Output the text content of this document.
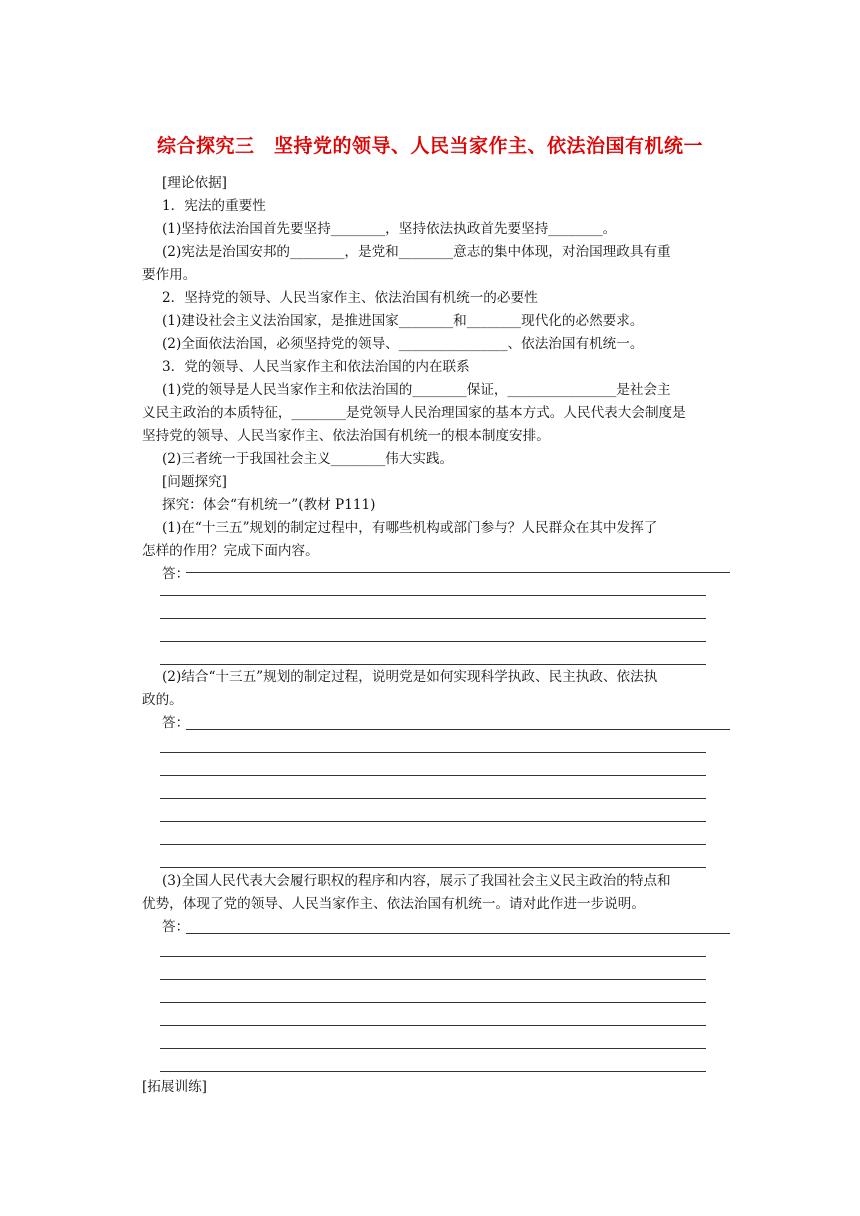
综合探究三　坚持党的领导、人民当家作主、依法治国有机统一
[理论依据]
1．宪法的重要性
(1)坚持依法治国首先要坚持________，坚持依法执政首先要坚持________。
(2)宪法是治国安邦的________，是党和________意志的集中体现，对治国理政具有重
要作用。
2．坚持党的领导、人民当家作主、依法治国有机统一的必要性
(1)建设社会主义法治国家，是推进国家________和________现代化的必然要求。
(2)全面依法治国，必须坚持党的领导、________________、依法治国有机统一。
3．党的领导、人民当家作主和依法治国的内在联系
(1)党的领导是人民当家作主和依法治国的________保证，________________是社会主
义民主政治的本质特征，________是党领导人民治理国家的基本方式。人民代表大会制度是
坚持党的领导、人民当家作主、依法治国有机统一的根本制度安排。
(2)三者统一于我国社会主义________伟大实践。
[问题探究]
探究：体会“有机统一”(教材 P111)
(1)在“十三五”规划的制定过程中，有哪些机构或部门参与？人民群众在其中发挥了
怎样的作用？完成下面内容。
答：
(2)结合“十三五”规划的制定过程，说明党是如何实现科学执政、民主执政、依法执
政的。
答：
(3)全国人民代表大会履行职权的程序和内容，展示了我国社会主义民主政治的特点和
优势，体现了党的领导、人民当家作主、依法治国有机统一。请对此作进一步说明。
答：
[拓展训练]
